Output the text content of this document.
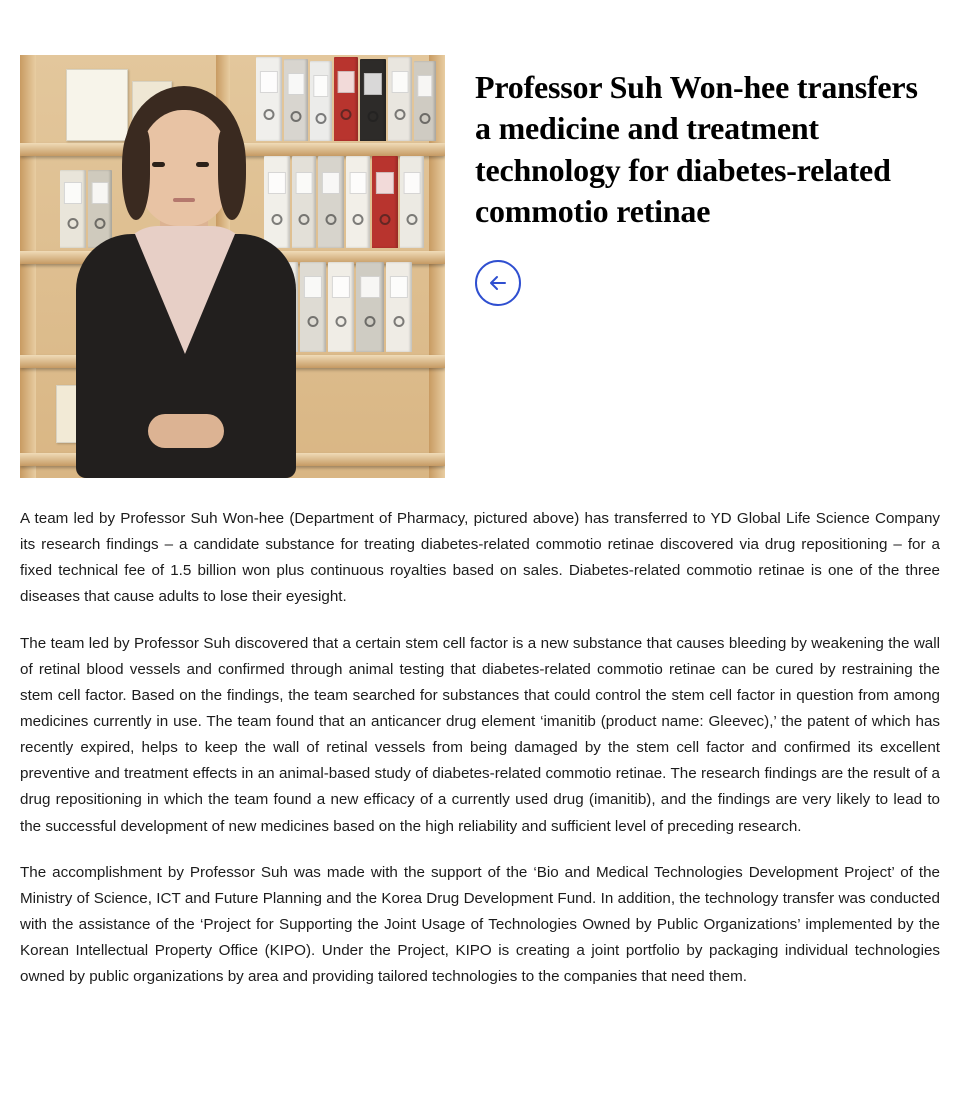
Professor Suh Won-hee transfers a medicine and treatment technology for diabetes-related commotio retinae

A team led by Professor Suh Won-hee (Department of Pharmacy, pictured above) has transferred to YD Global Life Science Company its research findings – a candidate substance for treating diabetes-related commotio retinae discovered via drug repositioning – for a fixed technical fee of 1.5 billion won plus continuous royalties based on sales. Diabetes-related commotio retinae is one of the three diseases that cause adults to lose their eyesight.

The team led by Professor Suh discovered that a certain stem cell factor is a new substance that causes bleeding by weakening the wall of retinal blood vessels and confirmed through animal testing that diabetes-related commotio retinae can be cured by restraining the stem cell factor. Based on the findings, the team searched for substances that could control the stem cell factor in question from among medicines currently in use. The team found that an anticancer drug element ‘imanitib (product name: Gleevec),’ the patent of which has recently expired, helps to keep the wall of retinal vessels from being damaged by the stem cell factor and confirmed its excellent preventive and treatment effects in an animal-based study of diabetes-related commotio retinae. The research findings are the result of a drug repositioning in which the team found a new efficacy of a currently used drug (imanitib), and the findings are very likely to lead to the successful development of new medicines based on the high reliability and sufficient level of preceding research.

The accomplishment by Professor Suh was made with the support of the ‘Bio and Medical Technologies Development Project’ of the Ministry of Science, ICT and Future Planning and the Korea Drug Development Fund. In addition, the technology transfer was conducted with the assistance of the ‘Project for Supporting the Joint Usage of Technologies Owned by Public Organizations’ implemented by the Korean Intellectual Property Office (KIPO). Under the Project, KIPO is creating a joint portfolio by packaging individual technologies owned by public organizations by area and providing tailored technologies to the companies that need them.
